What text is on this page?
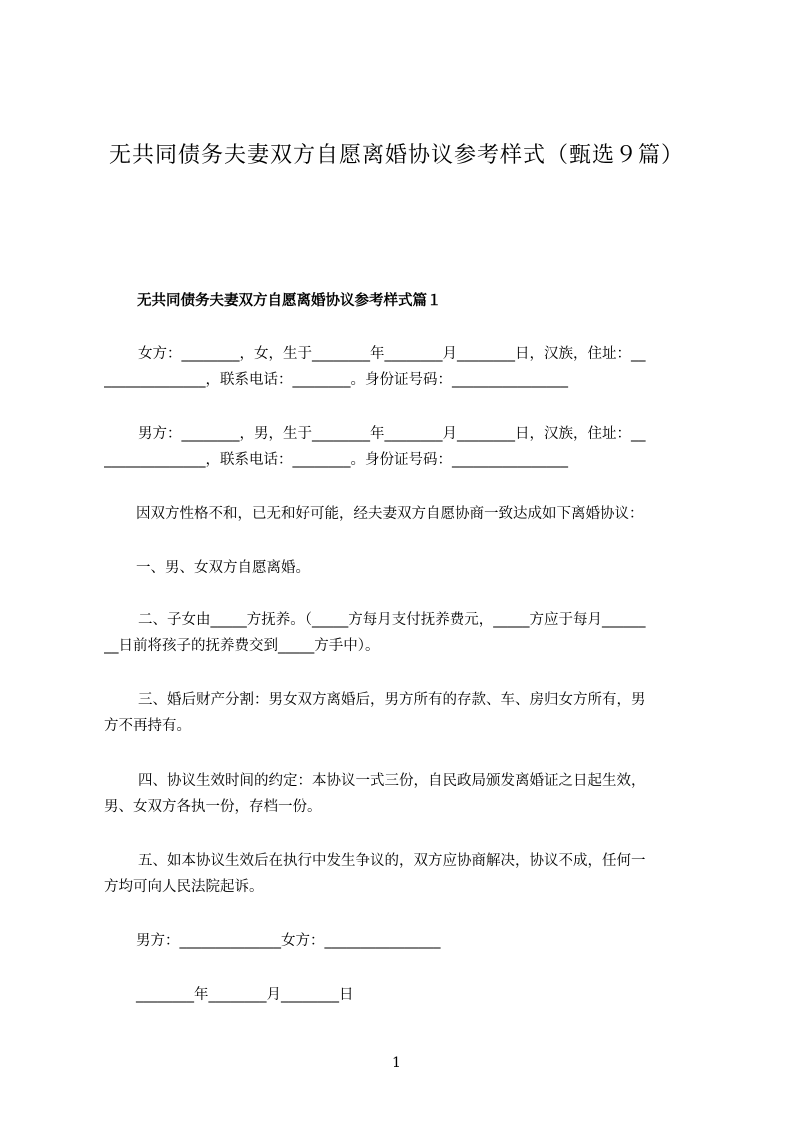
无共同债务夫妻双方自愿离婚协议参考样式（甄选９篇）
无共同债务夫妻双方自愿离婚协议参考样式篇１
女方：________，女，生于________年________月________日，汉族，住址：__
______________，联系电话：________。身份证号码：________________
男方：________，男，生于________年________月________日，汉族，住址：__
______________，联系电话：________。身份证号码：________________
因双方性格不和，已无和好可能，经夫妻双方自愿协商一致达成如下离婚协议：
一、男、女双方自愿离婚。
二、子女由_____方抚养。（_____方每月支付抚养费元，_____方应于每月______
__日前将孩子的抚养费交到_____方手中）。
三、婚后财产分割：男女双方离婚后，男方所有的存款、车、房归女方所有，男
方不再持有。
四、协议生效时间的约定：本协议一式三份，自民政局颁发离婚证之日起生效，
男、女双方各执一份，存档一份。
五、如本协议生效后在执行中发生争议的，双方应协商解决，协议不成，任何一
方均可向人民法院起诉。
男方：______________女方：________________
________年________月________日
1
